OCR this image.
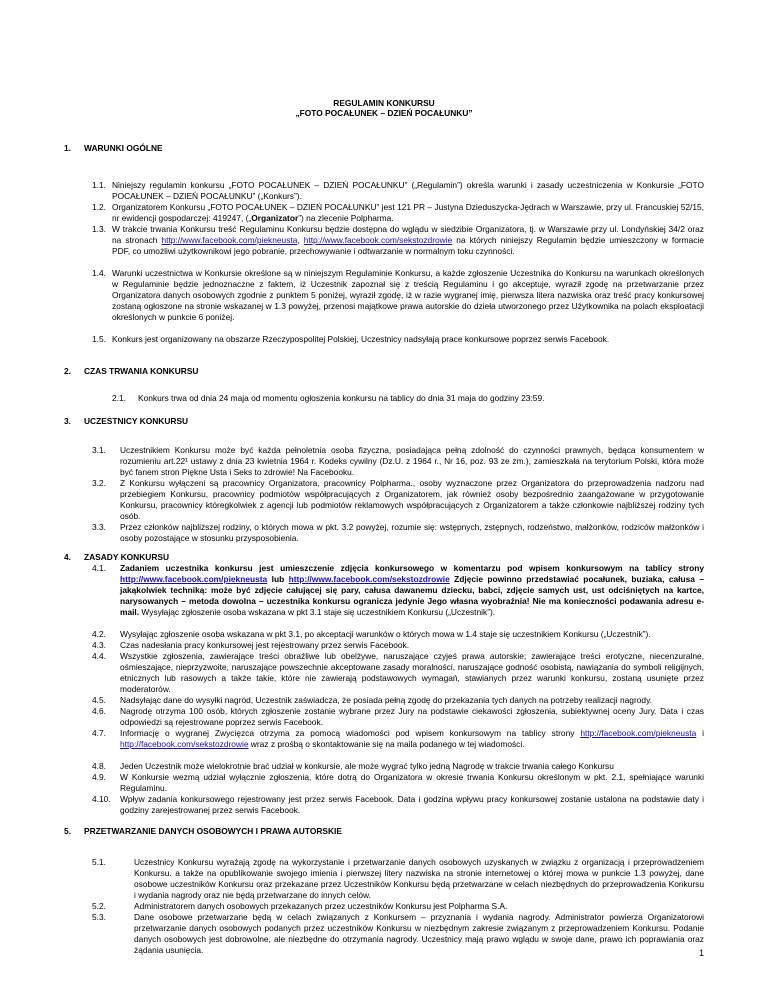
REGULAMIN KONKURSU
„FOTO POCAŁUNEK – DZIEŃ POCAŁUNKU”
1. WARUNKI OGÓLNE
1.1. Niniejszy regulamin konkursu „FOTO POCAŁUNEK – DZIEŃ POCAŁUNKU” („Regulamin”) określa warunki i zasady uczestniczenia w Konkursie „FOTO POCAŁUNEK – DZIEŃ POCAŁUNKU” („Konkurs”).
1.2. Organizatorem Konkursu „FOTO POCAŁUNEK – DZIEŃ POCAŁUNKU” jest 121 PR – Justyna Dzieduszycka-Jędrach w Warszawie, przy ul. Francuskiej 52/15, nr ewidencji gospodarczej: 419247, („Organizator”) na zlecenie Polpharma.
1.3. W trakcie trwania Konkursu treść Regulaminu Konkursu będzie dostępna do wglądu w siedzibie Organizatora, tj. w Warszawie przy ul. Londyńskiej 34/2 oraz na stronach http://www.facebook.com/piekneusta, http://www.facebook.com/sekstozdrowie na których niniejszy Regulamin będzie umieszczony w formacie PDF, co umożliwi użytkownikowi jego pobranie, przechowywanie i odtwarzanie w normalnym toku czynności.
1.4. Warunki uczestnictwa w Konkursie określone są w niniejszym Regulaminie Konkursu, a każde zgłoszenie Uczestnika do Konkursu na warunkach określonych w Regulaminie będzie jednoznaczne z faktem, iż Uczestnik zapoznał się z treścią Regulaminu i go akceptuje, wyraził zgodę na przetwarzanie przez Organizatora danych osobowych zgodnie z punktem 5 poniżej, wyraził zgodę, iż w razie wygranej imię, pierwsza litera nazwiska oraz treść pracy konkursowej zostaną ogłoszone na stronie wskazanej w 1.3 powyżej, przenosi majątkowe prawa autorskie do dzieła utworzonego przez Użytkownika na polach eksploatacji określonych w punkcie 6 poniżej.
1.5. Konkurs jest organizowany na obszarze Rzeczypospolitej Polskiej, Uczestnicy nadsyłają prace konkursowe poprzez serwis Facebook.
2. CZAS TRWANIA KONKURSU
2.1.	Konkurs trwa od dnia 24 maja od momentu ogłoszenia konkursu na tablicy do dnia 31 maja do godziny 23:59.
3. UCZESTNICY KONKURSU
3.1.	Uczestnikiem Konkursu może być każda pełnoletnia osoba fizyczna, posiadająca pełną zdolność do czynności prawnych, będąca konsumentem w rozumieniu art.22¹ ustawy z dnia 23 kwietnia 1964 r. Kodeks cywilny (Dz.U. z 1964 r., Nr 16, poz. 93 ze zm.), zamieszkała na terytorium Polski, która może być fanem stron Piękne Usta i Seks to zdrowie! Na Facebooku.
3.2.	Z Konkursu wyłączeni są pracownicy Organizatora, pracownicy Polpharma., osoby wyznaczone przez Organizatora do przeprowadzenia nadzoru nad przebiegiem Konkursu, pracownicy podmiotów współpracujących z Organizatorem, jak również osoby bezpośrednio zaangażowane w przygotowanie Konkursu, pracownicy któregkolwiek z agencji lub podmiotów reklamowych współpracujących z Organizatorem a także członkowie najbliższej rodziny tych osób.
3.3.	Przez członków najbliższej rodziny, o których mowa w pkt. 3.2 powyżej, rozumie się: wstępnych, zstępnych, rodzeństwo, małżonków, rodziców małżonków i osoby pozostające w stosunku przysposobienia.
4. ZASADY KONKURSU
4.1.	Zadaniem uczestnika konkursu jest umieszczenie zdjęcia konkursowego w komentarzu pod wpisem konkursowym na tablicy strony http://www.facebook.com/piekneusta lub http://www.facebook.com/sekstozdrowie Zdjęcie powinno przedstawiać pocałunek, buziaka, całusa – jakąkolwiek techniką: może być zdjęcie całującej się pary, całusa dawanemu dziecku, babci, zdjęcie samych ust, ust odciśniętych na kartce, narysowanych – metoda dowolna – uczestnika konkursu ogranicza jedynie Jego własna wyobraźnia! Nie ma konieczności podawania adresu e-mail. Wysyłając zgłoszenie osoba wskazana w pkt 3.1 staje się uczestnikiem Konkursu („Uczestnik”).
4.2.	Wysyłając zgłoszenie osoba wskazana w pkt 3.1, po akceptacji warunków o których mowa w 1.4 staje się uczestnikiem Konkursu („Uczestnik”).
4.3.	Czas nadesłania pracy konkursowej jest rejestrowany przez serwis Facebook.
4.4.	Wszystkie zgłoszenia, zawierające treści obraźliwe lub obelżywe, naruszające czyjeś prawa autorskie; zawierające treści erotyczne, niecenzuralne, ośmieszające, nieprzyzwoite, naruszające powszechnie akceptowane zasady moralności, naruszające godność osobistą, nawiązania do symboli religijnych, etnicznych lub rasowych a także takie, które nie zawierają podstawowych wymagań, stawianych przez warunki konkursu, zostaną usunięte przez moderatorów.
4.5.	Nadsyłając dane do wysyłki nagród, Uczestnik zaświadcza, że posiada pełną zgodę do przekazania tych danych na potrzeby realizacji nagrody.
4.6.	Nagrodę otrzyma 100 osób, których zgłoszenie zostanie wybrane przez Jury na podstawie ciekawości zgłoszenia, subiektywnej oceny Jury. Data i czas odpowiedzi są rejestrowane poprzez serwis Facebook.
4.7.	Informację o wygranej Zwycięzca otrzyma za pomocą wiadomości pod wpisem konkursowym na tablicy strony http://facebook.com/piekneusta i http://facebook.com/sekstozdrowie wraz z prośbą o skontaktowanie się na maila podanego w tej wiadomości.
4.8.	Jeden Uczestnik może wielokrotnie brać udział w konkursie, ale może wygrać tylko jedną Nagrodę w trakcie trwania całego Konkursu
4.9.	W Konkursie wezmą udział wyłącznie zgłoszenia, które dotrą do Organizatora w okresie trwania Konkursu określonym w pkt. 2.1, spełniające warunki Regulaminu.
4.10.	Wpływ zadania konkursowego rejestrowany jest przez serwis Facebook. Data i godzina wpływu pracy konkursowej zostanie ustalona na podstawie daty i godziny zarejestrowanej przez serwis Facebook.
5. PRZETWARZANIE DANYCH OSOBOWYCH I PRAWA AUTORSKIE
5.1.	Uczestnicy Konkursu wyrażają zgodę na wykorzystanie i przetwarzanie danych osobowych uzyskanych w związku z organizacją i przeprowadzeniem Konkursu. a także na opublikowanie swojego imienia i pierwszej litery nazwiska na stronie internetowej o której mowa w punkcie 1.3 powyżej, dane osobowe uczestników Konkursu oraz przekazane przez Uczestników Konkursu będą przetwarzane w celach niezbędnych do przeprowadzenia Konkursu i wydania nagrody oraz nie będą przetwarzane do innych celów.
5.2.	Administratorem danych osobowych przekazanych przez uczestników Konkursu jest Polpharma S.A.
5.3.	Dane osobowe przetwarzane będą w celach związanych z Konkursem – przyznania i wydania nagrody. Administrator powierza Organizatorowi przetwarzanie danych osobowych podanych przez uczestników Konkursu w niezbędnym zakresie związanym z przeprowadzeniem Konkursu. Podanie danych osobowych jest dobrowolne, ale niezbędne do otrzymania nagrody. Uczestnicy mają prawo wglądu w swoje dane, prawo ich poprawiania oraz żądania usunięcia.	1
